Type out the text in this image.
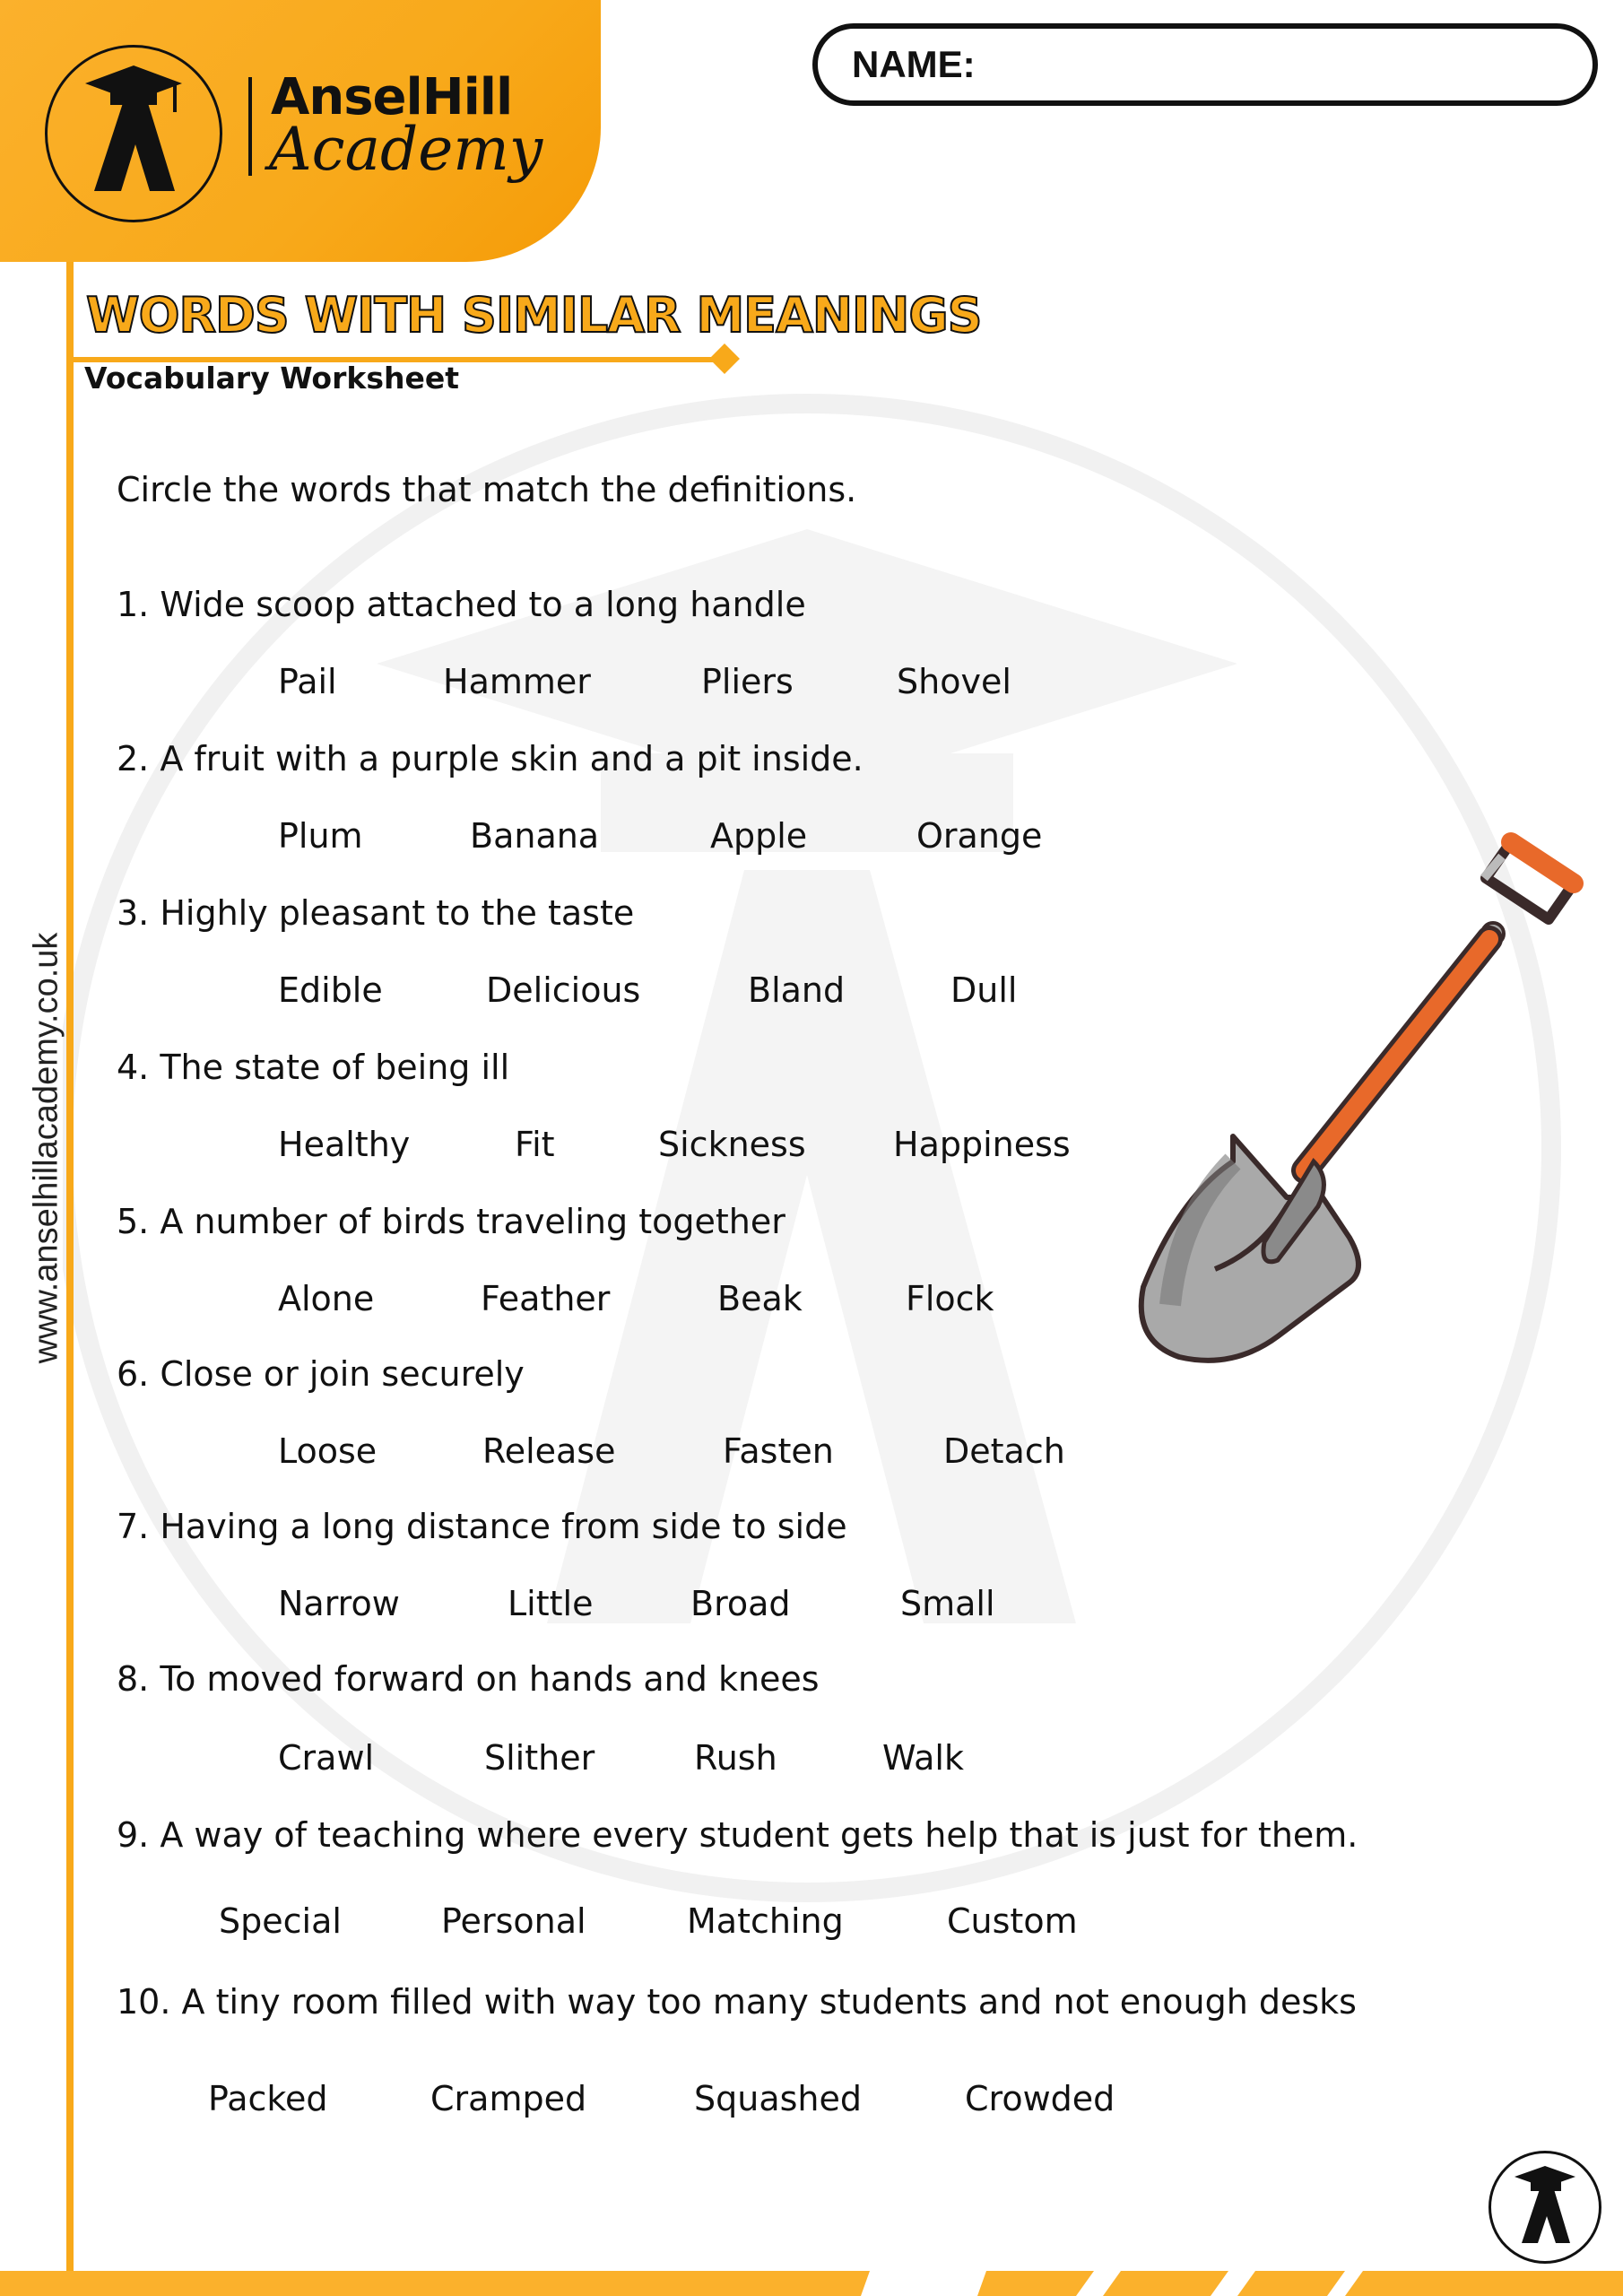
AnselHill
Academy
NAME:
www.anselhillacademy.co.uk
WORDS WITH SIMILAR MEANINGS
Vocabulary Worksheet
Circle the words that match the definitions.
1. Wide scoop attached to a long handle
Pail	Hammer	Pliers	Shovel
2. A fruit with a purple skin and a pit inside.
Plum	Banana	Apple	Orange
3. Highly pleasant to the taste
Edible	Delicious	Bland	Dull
4. The state of being ill
Healthy	Fit	Sickness	Happiness
5. A number of birds traveling together
Alone	Feather	Beak	Flock
6. Close or join securely
Loose	Release	Fasten	Detach
7. Having a long distance from side to side
Narrow	Little	Broad	Small
8. To moved forward on hands and knees
Crawl	Slither	Rush	Walk
9. A way of teaching where every student gets help that is just for them.
Special	Personal	Matching	Custom
10. A tiny room filled with way too many students and not enough desks
Packed	Cramped	Squashed	Crowded
